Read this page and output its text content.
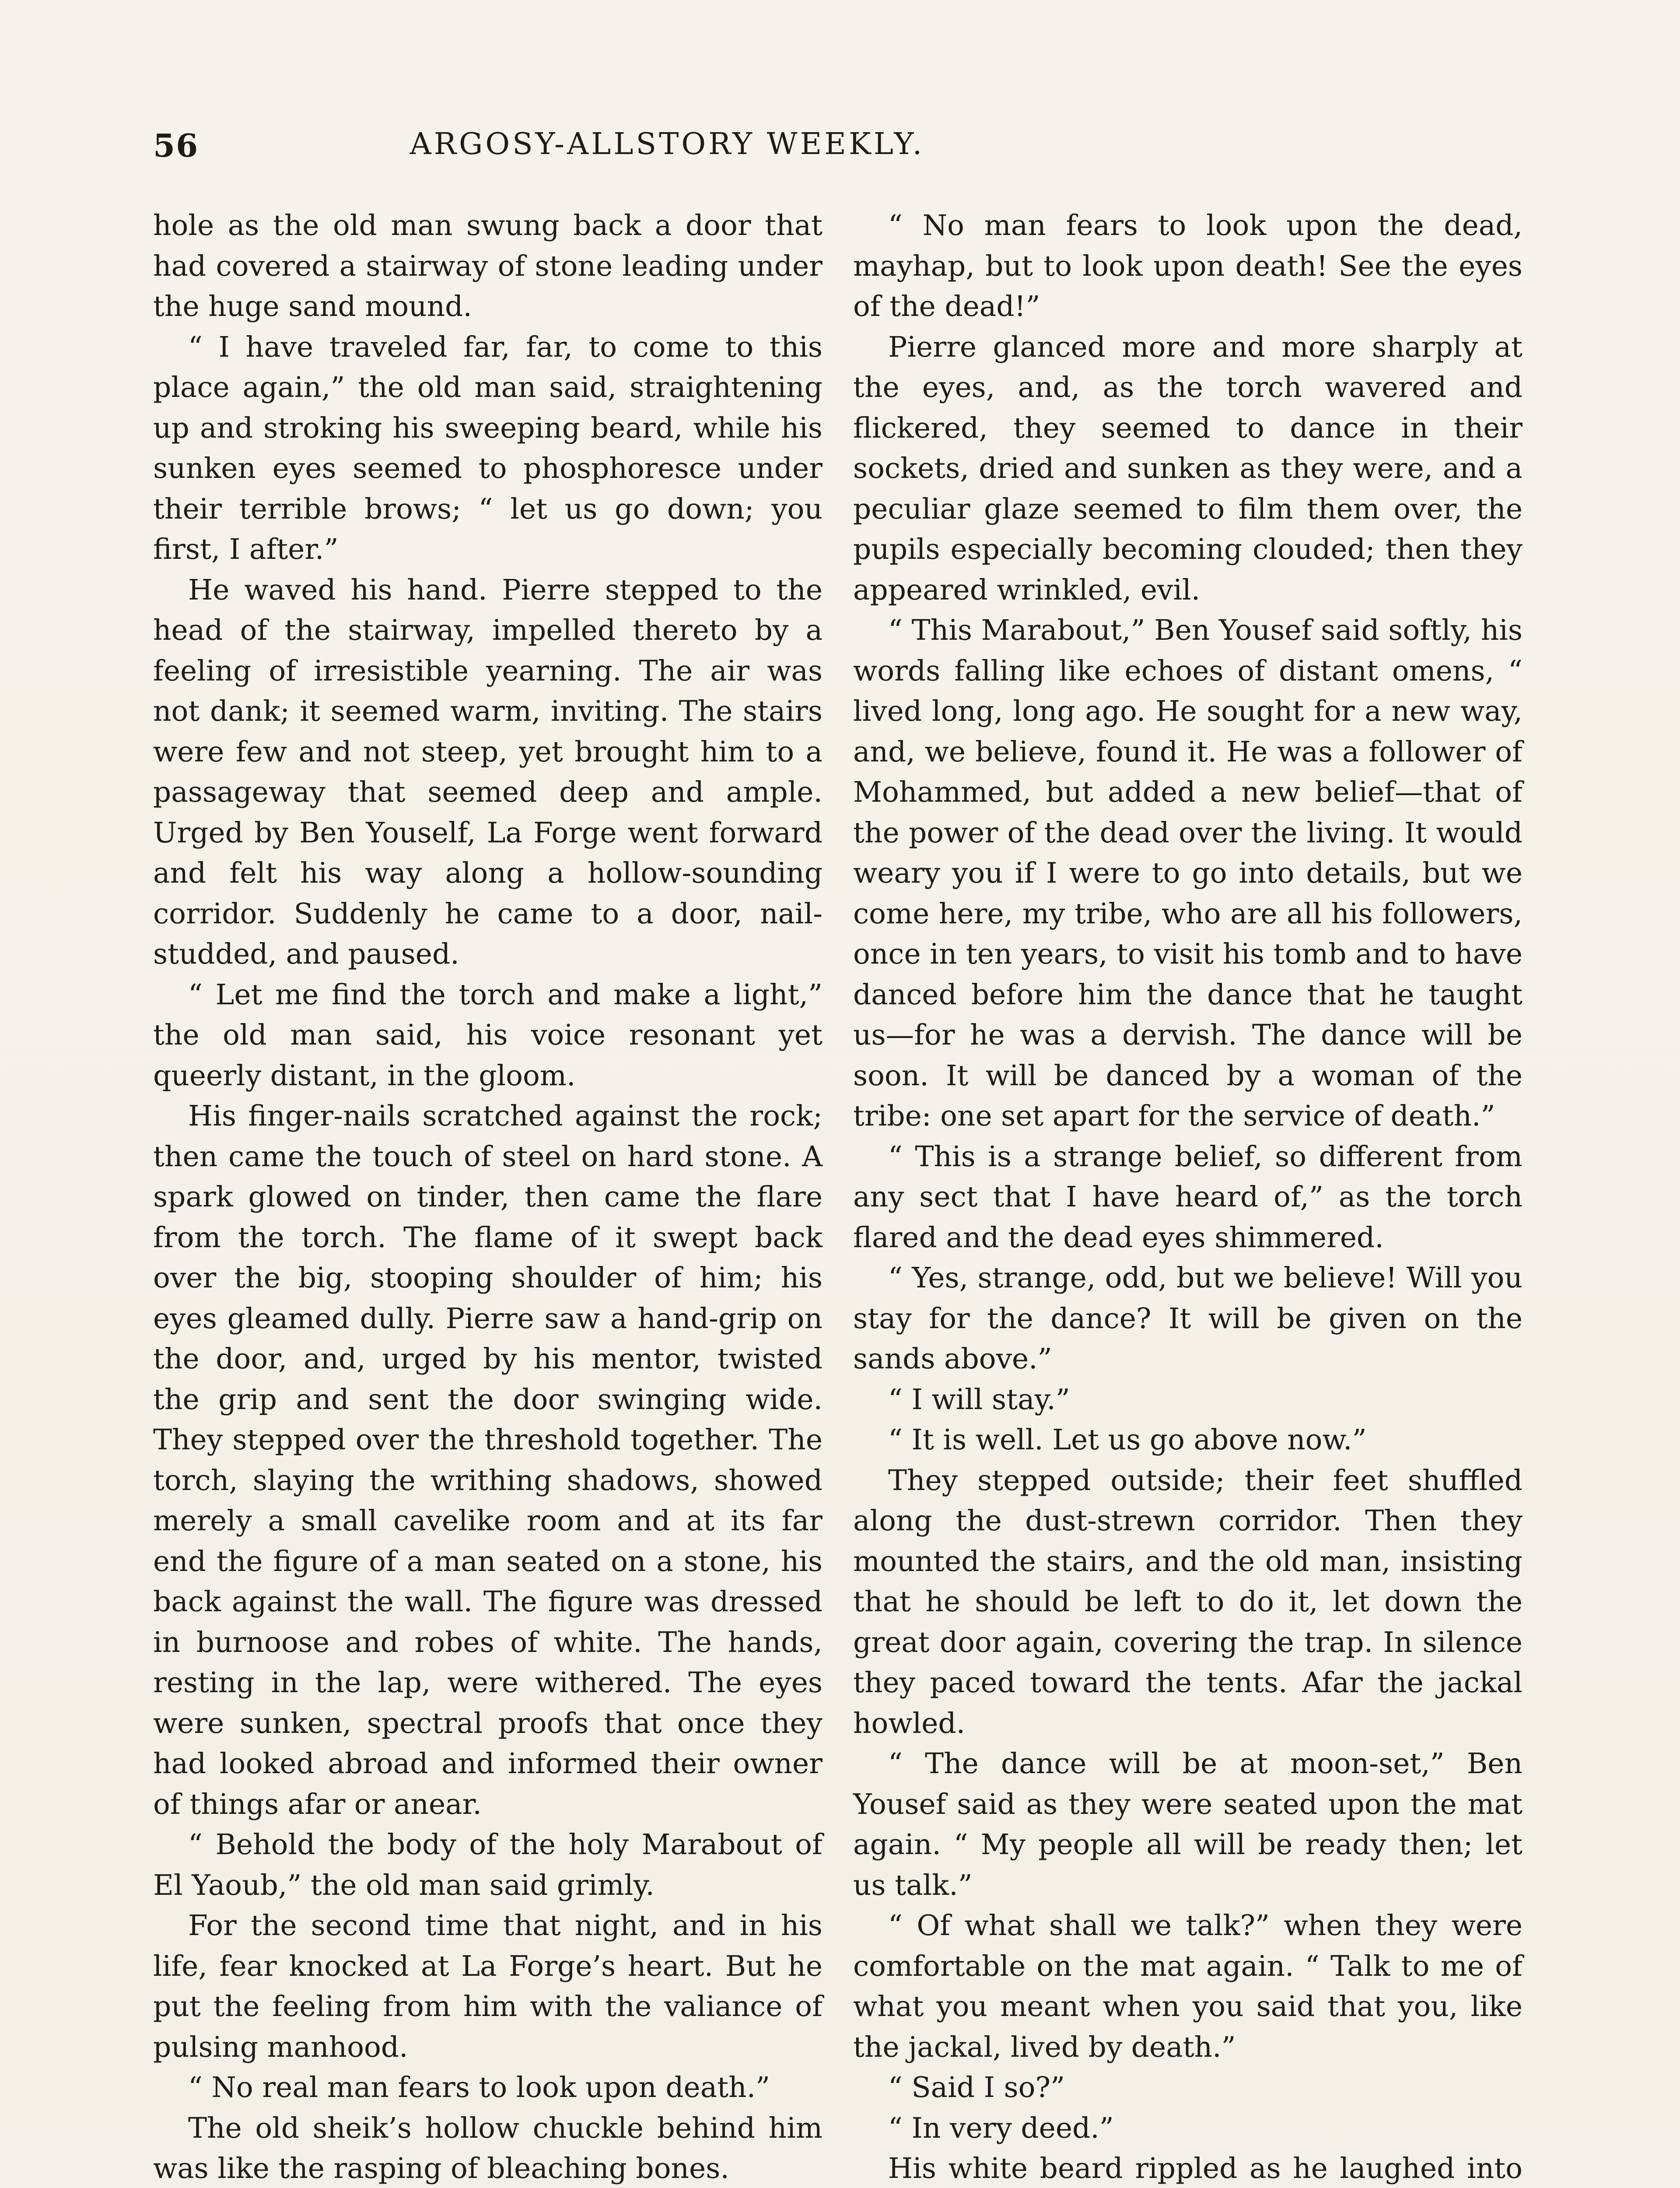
56	ARGOSY-ALLSTORY WEEKLY.

hole as the old man swung back a door that had covered a stairway of stone leading under the huge sand mound.

“ I have traveled far, far, to come to this place again,” the old man said, straightening up and stroking his sweeping beard, while his sunken eyes seemed to phosphoresce under their terrible brows; “ let us go down; you first, I after.”

He waved his hand. Pierre stepped to the head of the stairway, impelled thereto by a feeling of irresistible yearning. The air was not dank; it seemed warm, inviting. The stairs were few and not steep, yet brought him to a passageway that seemed deep and ample. Urged by Ben Youself, La Forge went forward and felt his way along a hollow-sounding corridor. Suddenly he came to a door, nail-studded, and paused.

“ Let me find the torch and make a light,” the old man said, his voice resonant yet queerly distant, in the gloom.

His finger-nails scratched against the rock; then came the touch of steel on hard stone. A spark glowed on tinder, then came the flare from the torch. The flame of it swept back over the big, stooping shoulder of him; his eyes gleamed dully. Pierre saw a hand-grip on the door, and, urged by his mentor, twisted the grip and sent the door swinging wide. They stepped over the threshold together. The torch, slaying the writhing shadows, showed merely a small cavelike room and at its far end the figure of a man seated on a stone, his back against the wall. The figure was dressed in burnoose and robes of white. The hands, resting in the lap, were withered. The eyes were sunken, spectral proofs that once they had looked abroad and informed their owner of things afar or anear.

“ Behold the body of the holy Marabout of El Yaoub,” the old man said grimly.

For the second time that night, and in his life, fear knocked at La Forge’s heart. But he put the feeling from him with the valiance of pulsing manhood.

“ No real man fears to look upon death.”

The old sheik’s hollow chuckle behind him was like the rasping of bleaching bones.

“ No man fears to look upon the dead, mayhap, but to look upon death! See the eyes of the dead!”

Pierre glanced more and more sharply at the eyes, and, as the torch wavered and flickered, they seemed to dance in their sockets, dried and sunken as they were, and a peculiar glaze seemed to film them over, the pupils especially becoming clouded; then they appeared wrinkled, evil.

“ This Marabout,” Ben Yousef said softly, his words falling like echoes of distant omens, “ lived long, long ago. He sought for a new way, and, we believe, found it. He was a follower of Mohammed, but added a new belief—that of the power of the dead over the living. It would weary you if I were to go into details, but we come here, my tribe, who are all his followers, once in ten years, to visit his tomb and to have danced before him the dance that he taught us—for he was a dervish. The dance will be soon. It will be danced by a woman of the tribe: one set apart for the service of death.”

“ This is a strange belief, so different from any sect that I have heard of,” as the torch flared and the dead eyes shimmered.

“ Yes, strange, odd, but we believe! Will you stay for the dance? It will be given on the sands above.”

“ I will stay.”

“ It is well. Let us go above now.”

They stepped outside; their feet shuffled along the dust-strewn corridor. Then they mounted the stairs, and the old man, insisting that he should be left to do it, let down the great door again, covering the trap. In silence they paced toward the tents. Afar the jackal howled.

“ The dance will be at moon-set,” Ben Yousef said as they were seated upon the mat again. “ My people all will be ready then; let us talk.”

“ Of what shall we talk?” when they were comfortable on the mat again. “ Talk to me of what you meant when you said that you, like the jackal, lived by death.”

“ Said I so?”

“ In very deed.”

His white beard rippled as he laughed into
